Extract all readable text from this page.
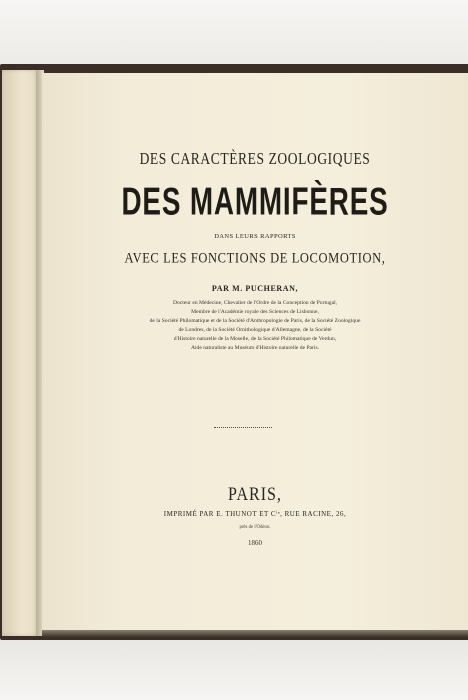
DES CARACTÈRES ZOOLOGIQUES
DES MAMMIFÈRES
DANS LEURS RAPPORTS
AVEC LES FONCTIONS DE LOCOMOTION,
PAR M. PUCHERAN,
Docteur en Médecine, Chevalier de l'Ordre de la Conception de Portugal,
Membre de l'Académie royale des Sciences de Lisbonne,
de la Société Philomatique et de la Société d'Anthropologie de Paris, de la Société Zoologique
de Londres, de la Société Ornithologique d'Allemagne, de la Société
d'Histoire naturelle de la Moselle, de la Société Philomatique de Verdun,
Aide naturaliste au Muséum d'Histoire naturelle de Paris.
PARIS,
IMPRIMÉ PAR E. THUNOT ET Cⁱᵉ, RUE RACINE, 26,
près de l'Odéon.
1860
